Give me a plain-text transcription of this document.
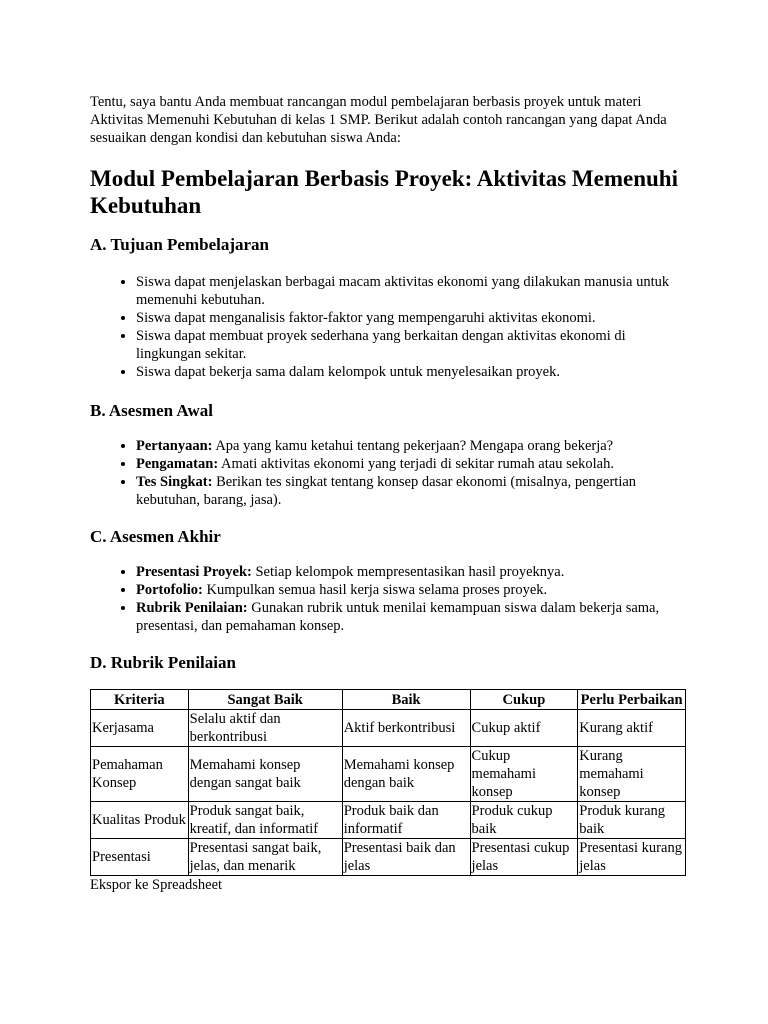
Tentu, saya bantu Anda membuat rancangan modul pembelajaran berbasis proyek untuk materi Aktivitas Memenuhi Kebutuhan di kelas 1 SMP. Berikut adalah contoh rancangan yang dapat Anda sesuaikan dengan kondisi dan kebutuhan siswa Anda:

Modul Pembelajaran Berbasis Proyek: Aktivitas Memenuhi Kebutuhan
A. Tujuan Pembelajaran
• Siswa dapat menjelaskan berbagai macam aktivitas ekonomi yang dilakukan manusia untuk memenuhi kebutuhan.
• Siswa dapat menganalisis faktor-faktor yang mempengaruhi aktivitas ekonomi.
• Siswa dapat membuat proyek sederhana yang berkaitan dengan aktivitas ekonomi di lingkungan sekitar.
• Siswa dapat bekerja sama dalam kelompok untuk menyelesaikan proyek.
B. Asesmen Awal
• Pertanyaan: Apa yang kamu ketahui tentang pekerjaan? Mengapa orang bekerja?
• Pengamatan: Amati aktivitas ekonomi yang terjadi di sekitar rumah atau sekolah.
• Tes Singkat: Berikan tes singkat tentang konsep dasar ekonomi (misalnya, pengertian kebutuhan, barang, jasa).
C. Asesmen Akhir
• Presentasi Proyek: Setiap kelompok mempresentasikan hasil proyeknya.
• Portofolio: Kumpulkan semua hasil kerja siswa selama proses proyek.
• Rubrik Penilaian: Gunakan rubrik untuk menilai kemampuan siswa dalam bekerja sama, presentasi, dan pemahaman konsep.
D. Rubrik Penilaian
Kriteria	Sangat Baik	Baik	Cukup	Perlu Perbaikan
Kerjasama	Selalu aktif dan berkontribusi	Aktif berkontribusi	Cukup aktif	Kurang aktif
Pemahaman Konsep	Memahami konsep dengan sangat baik	Memahami konsep dengan baik	Cukup memahami konsep	Kurang memahami konsep
Kualitas Produk	Produk sangat baik, kreatif, dan informatif	Produk baik dan informatif	Produk cukup baik	Produk kurang baik
Presentasi	Presentasi sangat baik, jelas, dan menarik	Presentasi baik dan jelas	Presentasi cukup jelas	Presentasi kurang jelas
Ekspor ke Spreadsheet
